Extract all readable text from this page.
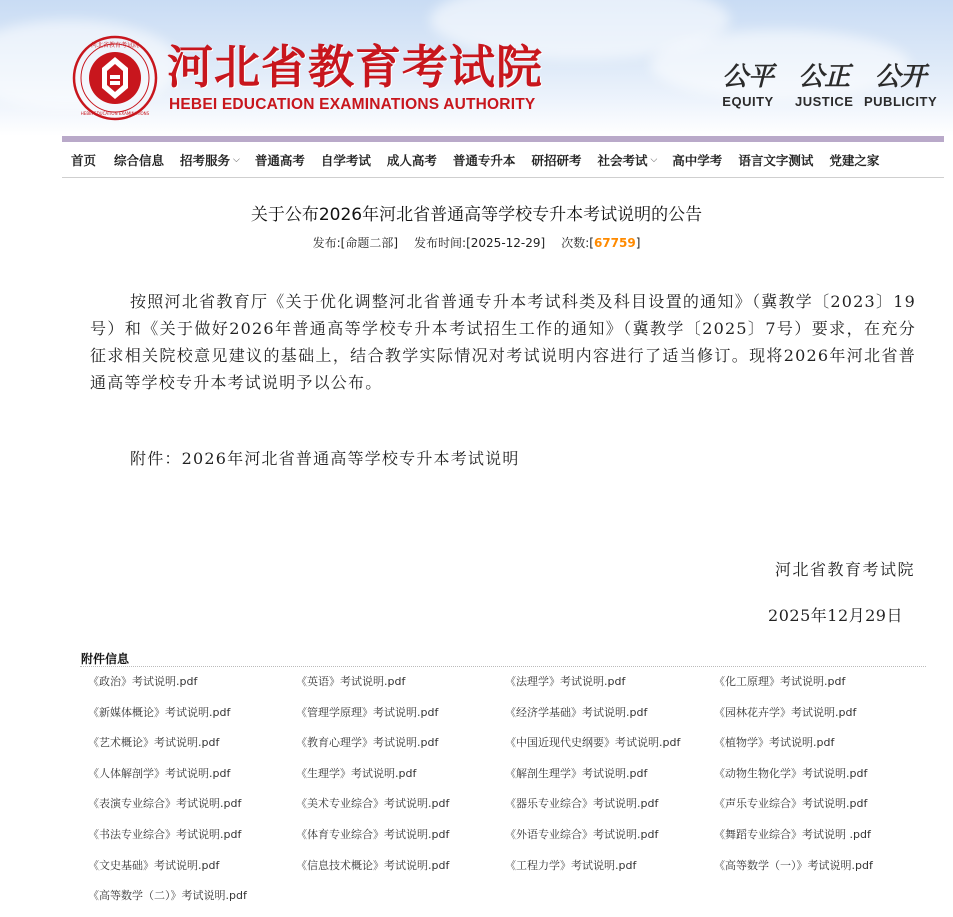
河北省教育考试院
HEBEI EDUCATION EXAMINATIONS
河北省教育考试院
HEBEI EDUCATION EXAMINATIONS AUTHORITY
公平
EQUITY
公正
JUSTICE
公开
PUBLICITY
首页 综合信息 招考服务 ⌵ 普通高考 自学考试 成人高考 普通专升本 研招研考 社会考试 ⌵ 高中学考 语言文字测试 党建之家
关于公布2026年河北省普通高等学校专升本考试说明的公告
发布:[命题二部] 发布时间:[2025-12-29] 次数:[67759]
按照河北省教育厅《关于优化调整河北省普通专升本考试科类及科目设置的通知》（冀教学〔2023〕19号）和《关于做好2026年普通高等学校专升本考试招生工作的通知》（冀教学〔2025〕7号）要求，在充分征求相关院校意见建议的基础上，结合教学实际情况对考试说明内容进行了适当修订。现将2026年河北省普通高等学校专升本考试说明予以公布。
附件：2026年河北省普通高等学校专升本考试说明
河北省教育考试院
2025年12月29日
附件信息
《政治》考试说明.pdf	《英语》考试说明.pdf	《法理学》考试说明.pdf	《化工原理》考试说明.pdf
《新媒体概论》考试说明.pdf	《管理学原理》考试说明.pdf	《经济学基础》考试说明.pdf	《园林花卉学》考试说明.pdf
《艺术概论》考试说明.pdf	《教育心理学》考试说明.pdf	《中国近现代史纲要》考试说明.pdf	《植物学》考试说明.pdf
《人体解剖学》考试说明.pdf	《生理学》考试说明.pdf	《解剖生理学》考试说明.pdf	《动物生物化学》考试说明.pdf
《表演专业综合》考试说明.pdf	《美术专业综合》考试说明.pdf	《器乐专业综合》考试说明.pdf	《声乐专业综合》考试说明.pdf
《书法专业综合》考试说明.pdf	《体育专业综合》考试说明.pdf	《外语专业综合》考试说明.pdf	《舞蹈专业综合》考试说明 .pdf
《文史基础》考试说明.pdf	《信息技术概论》考试说明.pdf	《工程力学》考试说明.pdf	《高等数学（一）》考试说明.pdf
《高等数学（二）》考试说明.pdf
